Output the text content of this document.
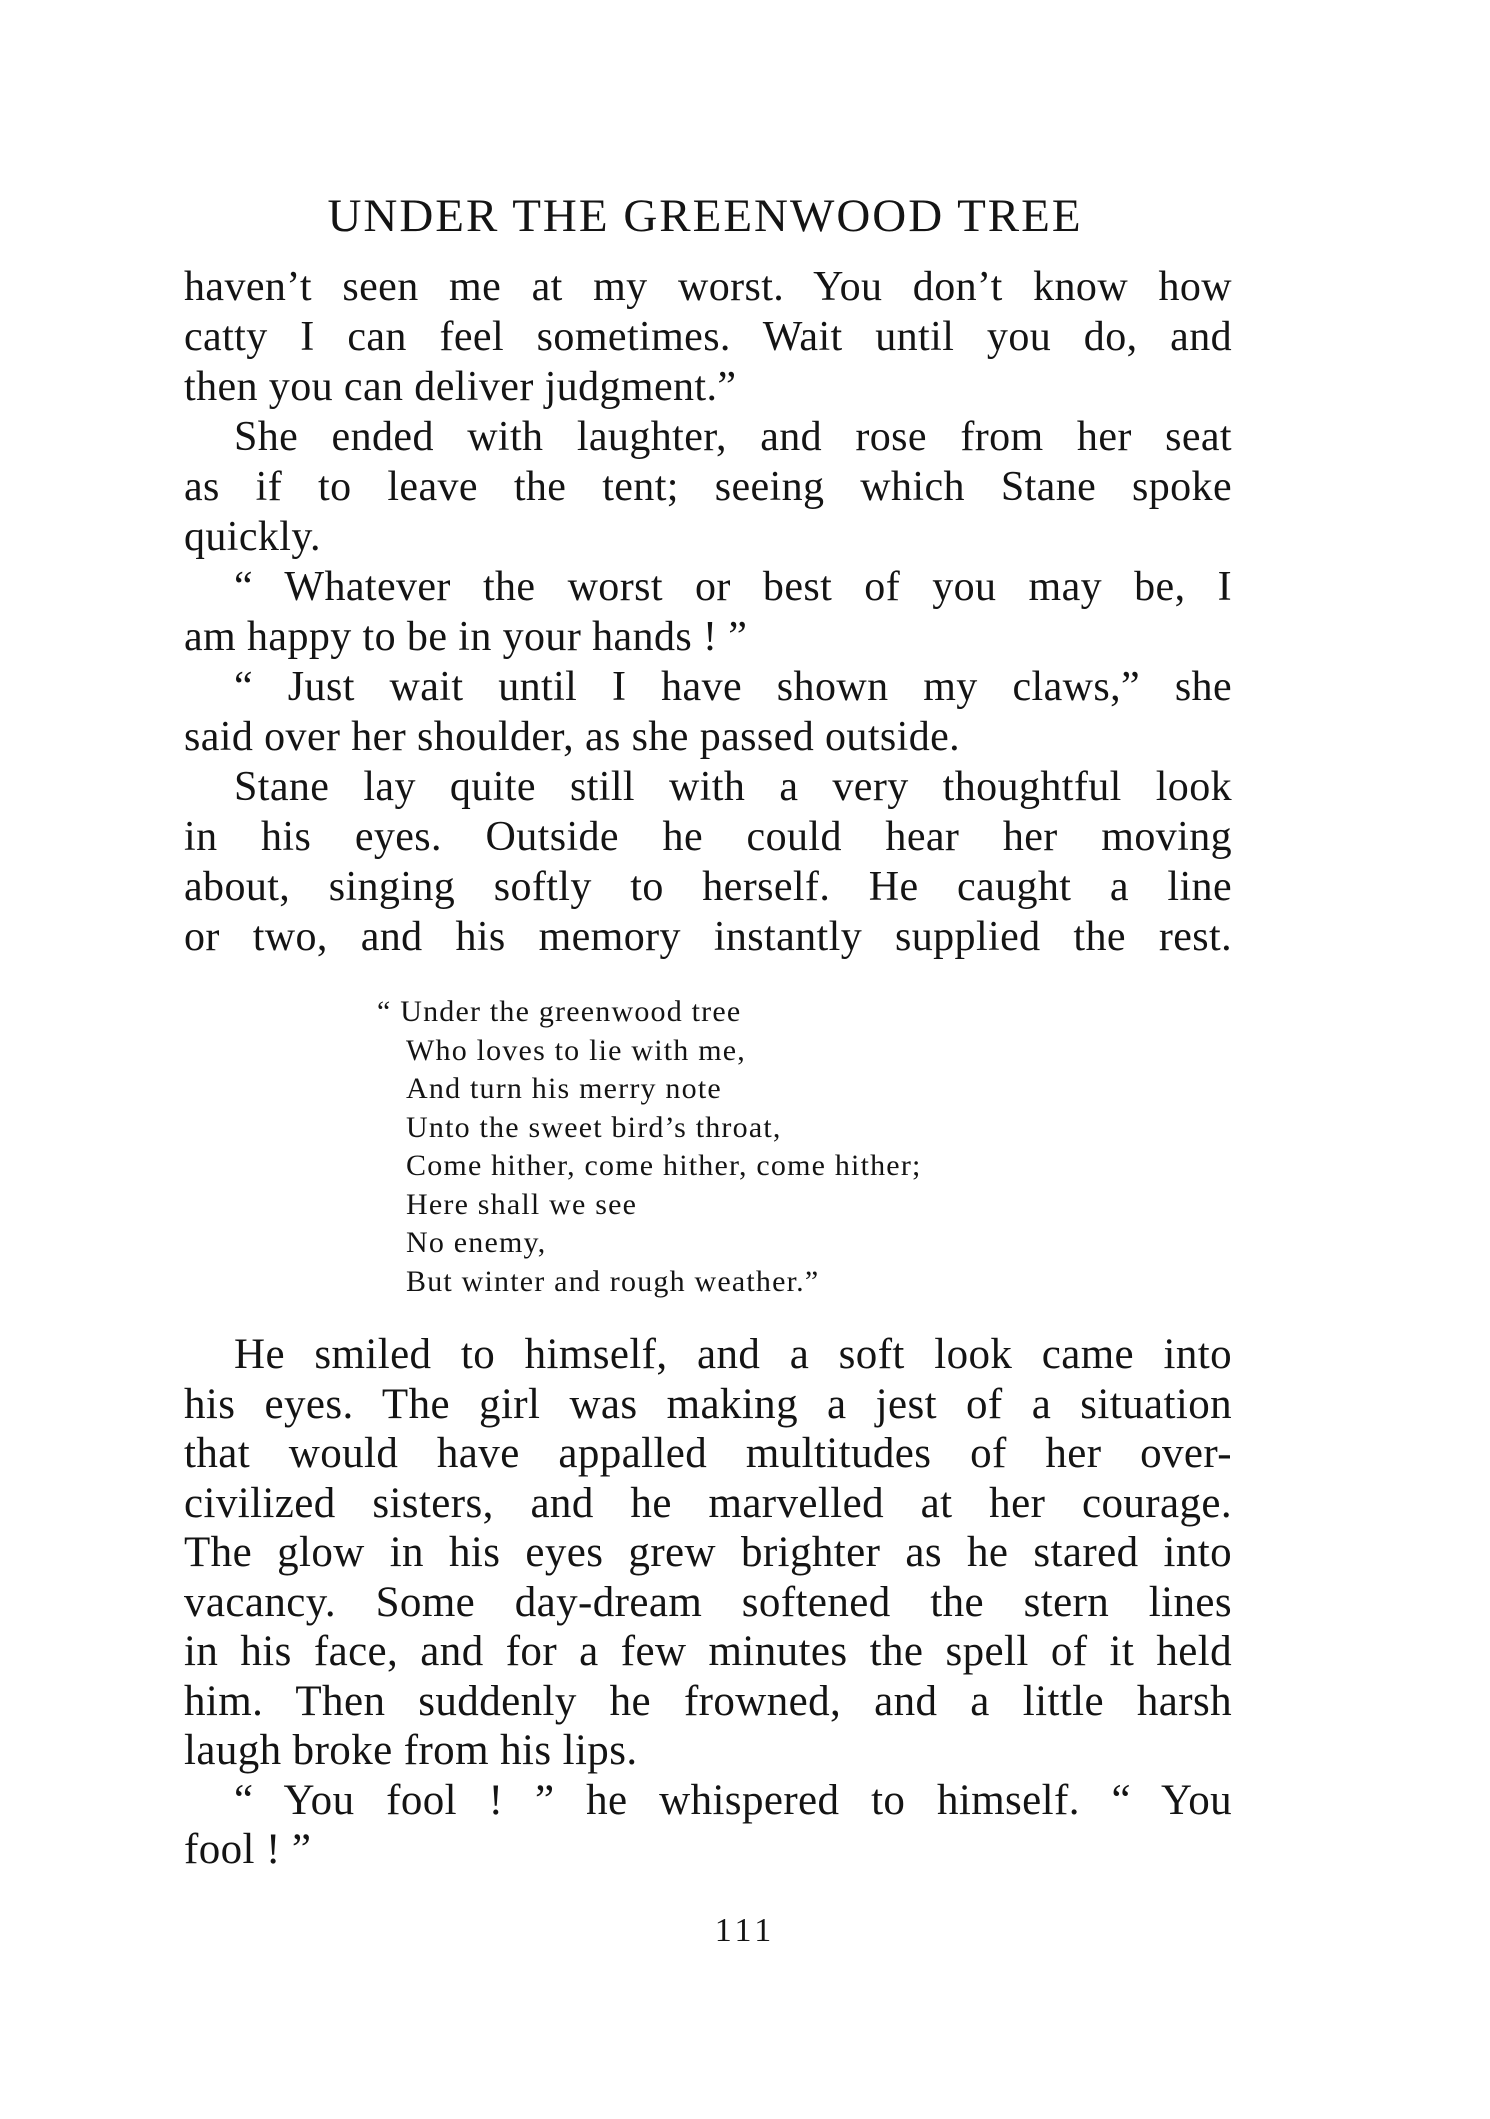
UNDER THE GREENWOOD TREE
haven’t seen me at my worst. You don’t know how
catty I can feel sometimes. Wait until you do, and
then you can deliver judgment.”
She ended with laughter, and rose from her seat
as if to leave the tent; seeing which Stane spoke
quickly.
“ Whatever the worst or best of you may be, I
am happy to be in your hands ! ”
“ Just wait until I have shown my claws,” she
said over her shoulder, as she passed outside.
Stane lay quite still with a very thoughtful look
in his eyes. Outside he could hear her moving
about, singing softly to herself. He caught a line
or two, and his memory instantly supplied the rest.
“ Under the greenwood tree
Who loves to lie with me,
And turn his merry note
Unto the sweet bird’s throat,
Come hither, come hither, come hither;
Here shall we see
No enemy,
But winter and rough weather.”
He smiled to himself, and a soft look came into
his eyes. The girl was making a jest of a situation
that would have appalled multitudes of her over-
civilized sisters, and he marvelled at her courage.
The glow in his eyes grew brighter as he stared into
vacancy. Some day-dream softened the stern lines
in his face, and for a few minutes the spell of it held
him. Then suddenly he frowned, and a little harsh
laugh broke from his lips.
“ You fool ! ” he whispered to himself. “ You
fool ! ”

111
